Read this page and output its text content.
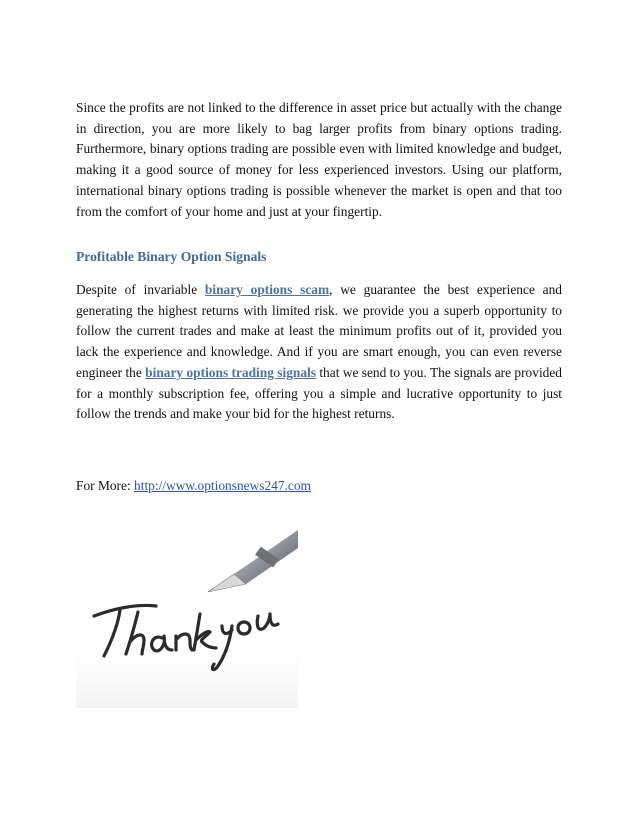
Since the profits are not linked to the difference in asset price but actually with the change in direction, you are more likely to bag larger profits from binary options trading. Furthermore, binary options trading are possible even with limited knowledge and budget, making it a good source of money for less experienced investors. Using our platform, international binary options trading is possible whenever the market is open and that too from the comfort of your home and just at your fingertip.

Profitable Binary Option Signals

Despite of invariable binary options scam, we guarantee the best experience and generating the highest returns with limited risk. we provide you a superb opportunity to follow the current trades and make at least the minimum profits out of it, provided you lack the experience and knowledge. And if you are smart enough, you can even reverse engineer the binary options trading signals that we send to you. The signals are provided for a monthly subscription fee, offering you a simple and lucrative opportunity to just follow the trends and make your bid for the highest returns.

For More: http://www.optionsnews247.com
